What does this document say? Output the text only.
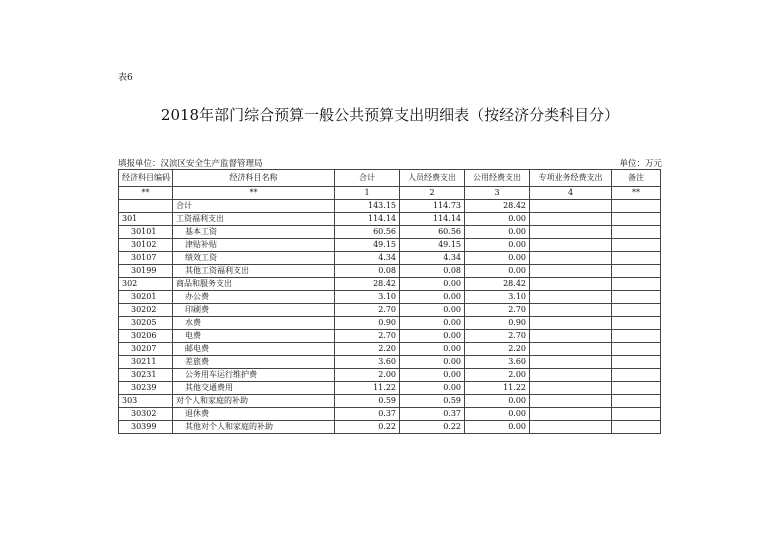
表6
2018年部门综合预算一般公共预算支出明细表（按经济分类科目分）
填报单位：汉滨区安全生产监督管理局	单位：万元
经济科目编码	经济科目名称	合计	人员经费支出	公用经费支出	专项业务经费支出	备注
**	**	1	2	3	4	**
	合计	143.15	114.73	28.42		
301	工资福利支出	114.14	114.14	0.00		
30101	基本工资	60.56	60.56	0.00		
30102	津贴补贴	49.15	49.15	0.00		
30107	绩效工资	4.34	4.34	0.00		
30199	其他工资福利支出	0.08	0.08	0.00		
302	商品和服务支出	28.42	0.00	28.42		
30201	办公费	3.10	0.00	3.10		
30202	印刷费	2.70	0.00	2.70		
30205	水费	0.90	0.00	0.90		
30206	电费	2.70	0.00	2.70		
30207	邮电费	2.20	0.00	2.20		
30211	差旅费	3.60	0.00	3.60		
30231	公务用车运行维护费	2.00	0.00	2.00		
30239	其他交通费用	11.22	0.00	11.22		
303	对个人和家庭的补助	0.59	0.59	0.00		
30302	退休费	0.37	0.37	0.00		
30399	其他对个人和家庭的补助	0.22	0.22	0.00		
